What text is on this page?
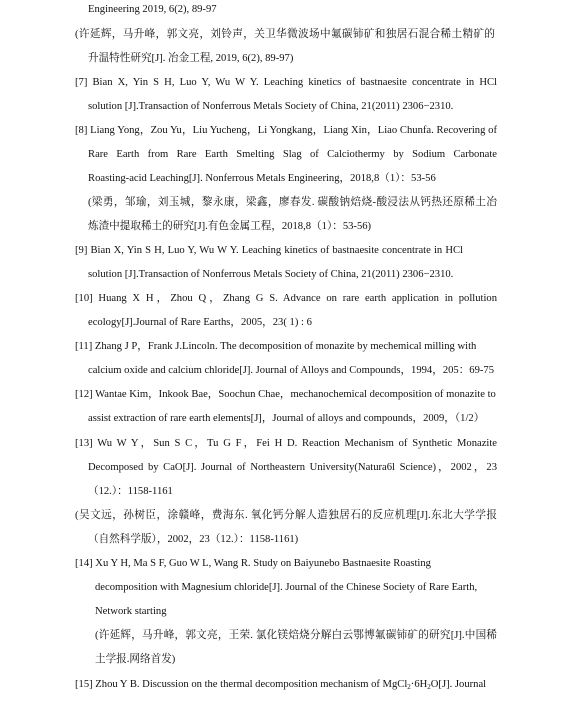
Engineering 2019, 6(2), 89-97
(许延辉，马升峰，郭文亮，刘铃声，关卫华微波场中氟碳铈矿和独居石混合稀土精矿的
升温特性研究[J]. 冶金工程, 2019, 6(2), 89-97)
[7] Bian X, Yin S H, Luo Y, Wu W Y. Leaching kinetics of bastnaesite concentrate in HCl
solution [J].Transaction of Nonferrous Metals Society of China, 21(2011) 2306−2310.
[8] Liang Yong，Zou Yu，Liu Yucheng，Li Yongkang，Liang Xin，Liao Chunfa. Recovering of
Rare Earth from Rare Earth Smelting Slag of Calciothermy by Sodium Carbonate
Roasting-acid Leaching[J]. Nonferrous Metals Engineering，2018,8（1）：53-56
(梁勇，邹瑜，刘玉城，黎永康，梁鑫，廖春发. 碳酸钠焙烧-酸浸法从钙热还原稀土冶
炼渣中提取稀土的研究[J].有色金属工程，2018,8（1）：53-56)
[9] Bian X, Yin S H, Luo Y, Wu W Y. Leaching kinetics of bastnaesite concentrate in HCl
solution [J].Transaction of Nonferrous Metals Society of China, 21(2011) 2306−2310.
[10] Huang X H，Zhou Q，Zhang G S. Advance on rare earth application in pollution
ecology[J].Journal of Rare Earths，2005，23( 1) : 6
[11] Zhang J P，Frank J.Lincoln. The decomposition of monazite by mechemical milling with
calcium oxide and calcium chloride[J]. Journal of Alloys and Compounds，1994，205：69-75
[12] Wantae Kim，Inkook Bae，Soochun Chae，mechanochemical decomposition of monazite to
assist extraction of rare earth elements[J]，Journal of alloys and compounds，2009，（1/2）
[13] Wu W Y，Sun S C，Tu G F，Fei H D. Reaction Mechanism of Synthetic Monazite
Decomposed by CaO[J]. Journal of Northeastern University(Natura6l Science)，2002，23
（12.）：1158-1161
(吴文远，孙树臣，涂赣峰，费海东. 氧化钙分解人造独居石的反应机理[J].东北大学学报
（自然科学版），2002，23（12.）：1158-1161)
[14] Xu Y H, Ma S F, Guo W L, Wang R. Study on Baiyunebo Bastnaesite Roasting
decomposition with Magnesium chloride[J]. Journal of the Chinese Society of Rare Earth,
Network starting
(许延辉，马升峰，郭文亮，王荣. 氯化镁焙烧分解白云鄂博氟碳铈矿的研究[J].中国稀
土学报.网络首发)
[15] Zhou Y B. Discussion on the thermal decomposition mechanism of $MgCl_2\cdot 6H_2O[J]$. Journal
